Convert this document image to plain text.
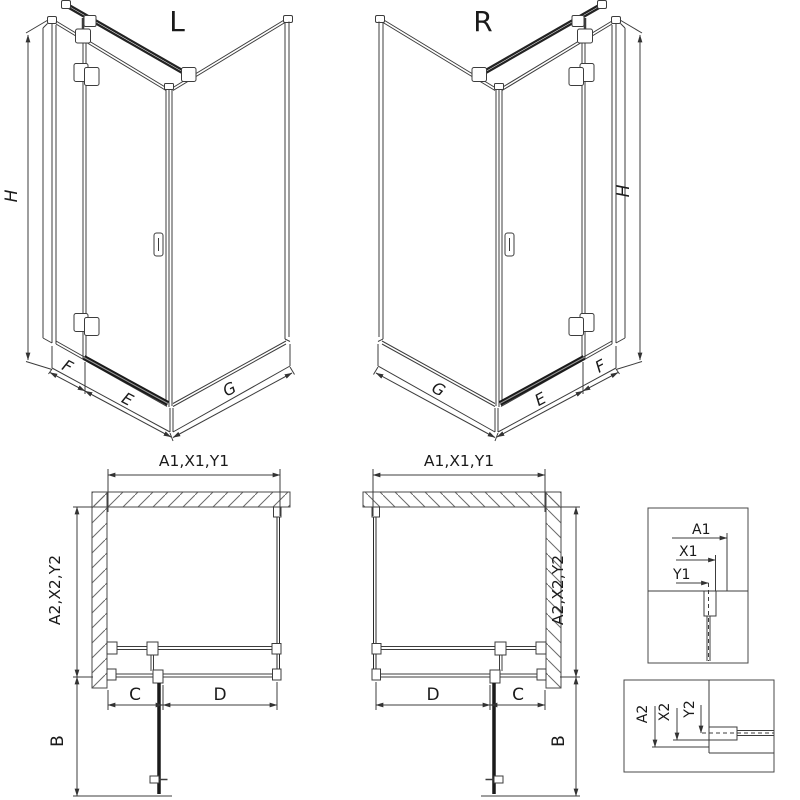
L
H
F
E	G
R
H
F
E
G
A1,X1,Y1
A2,X2,Y2
C	D
B
A1,X1,Y1
A2,X2,Y2
D	C
B
A1
X1
Y1
A2 X2 Y2
